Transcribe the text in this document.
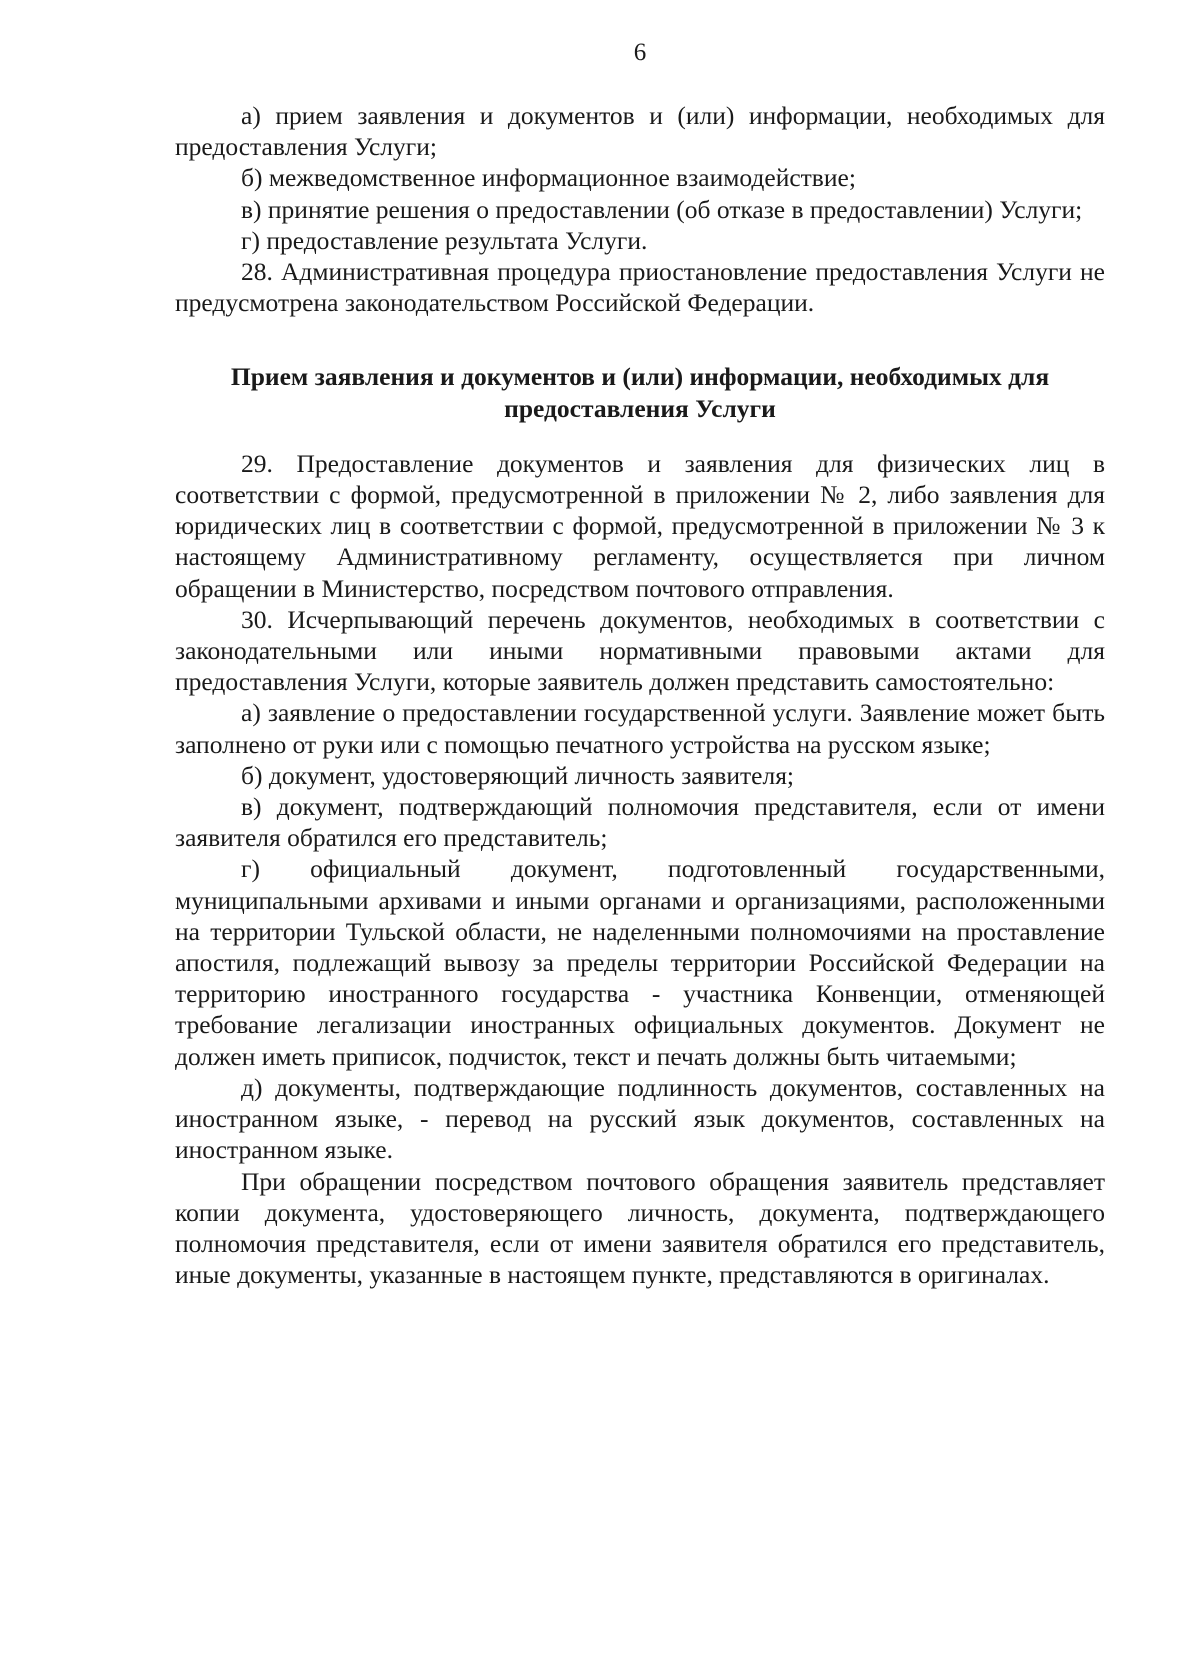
6

а) прием заявления и документов и (или) информации, необходимых для предоставления Услуги;

б) межведомственное информационное взаимодействие;

в) принятие решения о предоставлении (об отказе в предоставлении) Услуги;

г) предоставление результата Услуги.

28. Административная процедура приостановление предоставления Услуги не предусмотрена законодательством Российской Федерации.

Прием заявления и документов и (или) информации, необходимых для предоставления Услуги

29. Предоставление документов и заявления для физических лиц в соответствии с формой, предусмотренной в приложении № 2, либо заявления для юридических лиц в соответствии с формой, предусмотренной в приложении № 3 к настоящему Административному регламенту, осуществляется при личном обращении в Министерство, посредством почтового отправления.

30. Исчерпывающий перечень документов, необходимых в соответствии с законодательными или иными нормативными правовыми актами для предоставления Услуги, которые заявитель должен представить самостоятельно:

а) заявление о предоставлении государственной услуги. Заявление может быть заполнено от руки или с помощью печатного устройства на русском языке;

б) документ, удостоверяющий личность заявителя;

в) документ, подтверждающий полномочия представителя, если от имени заявителя обратился его представитель;

г) официальный документ, подготовленный государственными, муниципальными архивами и иными органами и организациями, расположенными на территории Тульской области, не наделенными полномочиями на проставление апостиля, подлежащий вывозу за пределы территории Российской Федерации на территорию иностранного государства - участника Конвенции, отменяющей требование легализации иностранных официальных документов. Документ не должен иметь приписок, подчисток, текст и печать должны быть читаемыми;

д) документы, подтверждающие подлинность документов, составленных на иностранном языке, - перевод на русский язык документов, составленных на иностранном языке.

При обращении посредством почтового обращения заявитель представляет копии документа, удостоверяющего личность, документа, подтверждающего полномочия представителя, если от имени заявителя обратился его представитель, иные документы, указанные в настоящем пункте, представляются в оригиналах.
